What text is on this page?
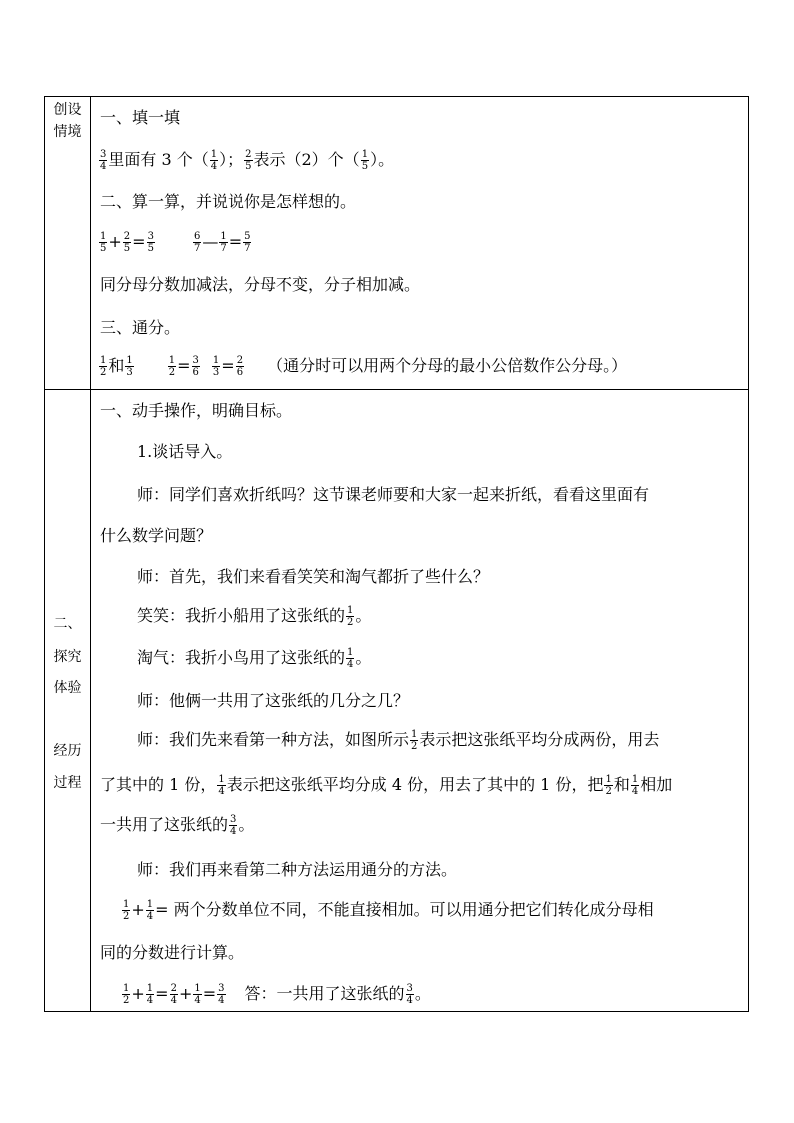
创设
情境
二、
探究
体验
经历
过程
一、填一填
$\frac{3}{4}$ 里面有 3 个（ $\frac{1}{4}$ ）； $\frac{2}{5}$ 表示（2）个（ $\frac{1}{5}$ ）。
二、算一算，并说说你是怎样想的。
$\frac{1}{5} + \frac{2}{5} = \frac{3}{5}$	$\frac{6}{7}$ — $\frac{1}{7} = \frac{5}{7}$
同分母分数加减法，分母不变，分子相加减。
三、通分。
$\frac{1}{2}$ 和 $\frac{1}{3}$	$\frac{1}{2} = \frac{3}{6} \frac{1}{3} = \frac{2}{6}$ （通分时可以用两个分母的最小公倍数作公分母。）
一、动手操作，明确目标。
1.谈话导入。
师：同学们喜欢折纸吗？这节课老师要和大家一起来折纸，看看这里面有
什么数学问题？
师：首先，我们来看看笑笑和淘气都折了些什么？
笑笑：我折小船用了这张纸的 $\frac{1}{2}$ 。
淘气：我折小鸟用了这张纸的 $\frac{1}{4}$ 。
师：他俩一共用了这张纸的几分之几？
师：我们先来看第一种方法，如图所示 $\frac{1}{2}$ 表示把这张纸平均分成两份，用去
了其中的 1 份， $\frac{1}{4}$ 表示把这张纸平均分成 4 份，用去了其中的 1 份，把 $\frac{1}{2}$ 和 $\frac{1}{4}$ 相加
一共用了这张纸的 $\frac{3}{4}$ 。
师：我们再来看第二种方法运用通分的方法。
$\frac{1}{2} + \frac{1}{4}$ = 两个分数单位不同，不能直接相加。可以用通分把它们转化成分母相
同的分数进行计算。
$\frac{1}{2} + \frac{1}{4} = \frac{2}{4} + \frac{1}{4} = \frac{3}{4}$ 答：一共用了这张纸的 $\frac{3}{4}$ 。
